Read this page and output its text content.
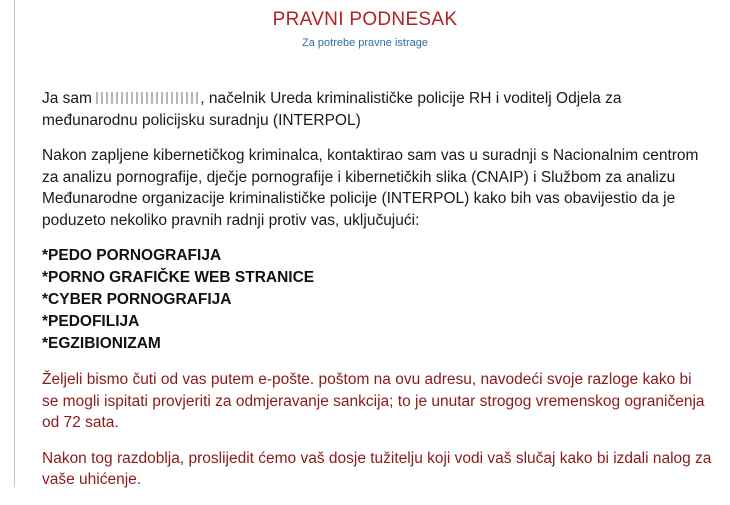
PRAVNI PODNESAK
Za potrebe pravne istrage

Ja sam	, načelnik Ureda kriminalističke policije RH i voditelj Odjela za međunarodnu policijsku suradnju (INTERPOL)

Nakon zapljene kibernetičkog kriminalca, kontaktirao sam vas u suradnji s Nacionalnim centrom za analizu pornografije, dječje pornografije i kibernetičkih slika (CNAIP) i Službom za analizu Međunarodne organizacije kriminalističke policije (INTERPOL) kako bih vas obavijestio da je poduzeto nekoliko pravnih radnji protiv vas, uključujući:

*PEDO PORNOGRAFIJA
*PORNO GRAFIČKE WEB STRANICE
*CYBER PORNOGRAFIJA
*PEDOFILIJA
*EGZIBIONIZAM

Željeli bismo čuti od vas putem e-pošte. poštom na ovu adresu, navodeći svoje razloge kako bi se mogli ispitati provjeriti za odmjeravanje sankcija; to je unutar strogog vremenskog ograničenja od 72 sata.

Nakon tog razdoblja, proslijedit ćemo vaš dosje tužitelju koji vodi vaš slučaj kako bi izdali nalog za vaše uhićenje.
